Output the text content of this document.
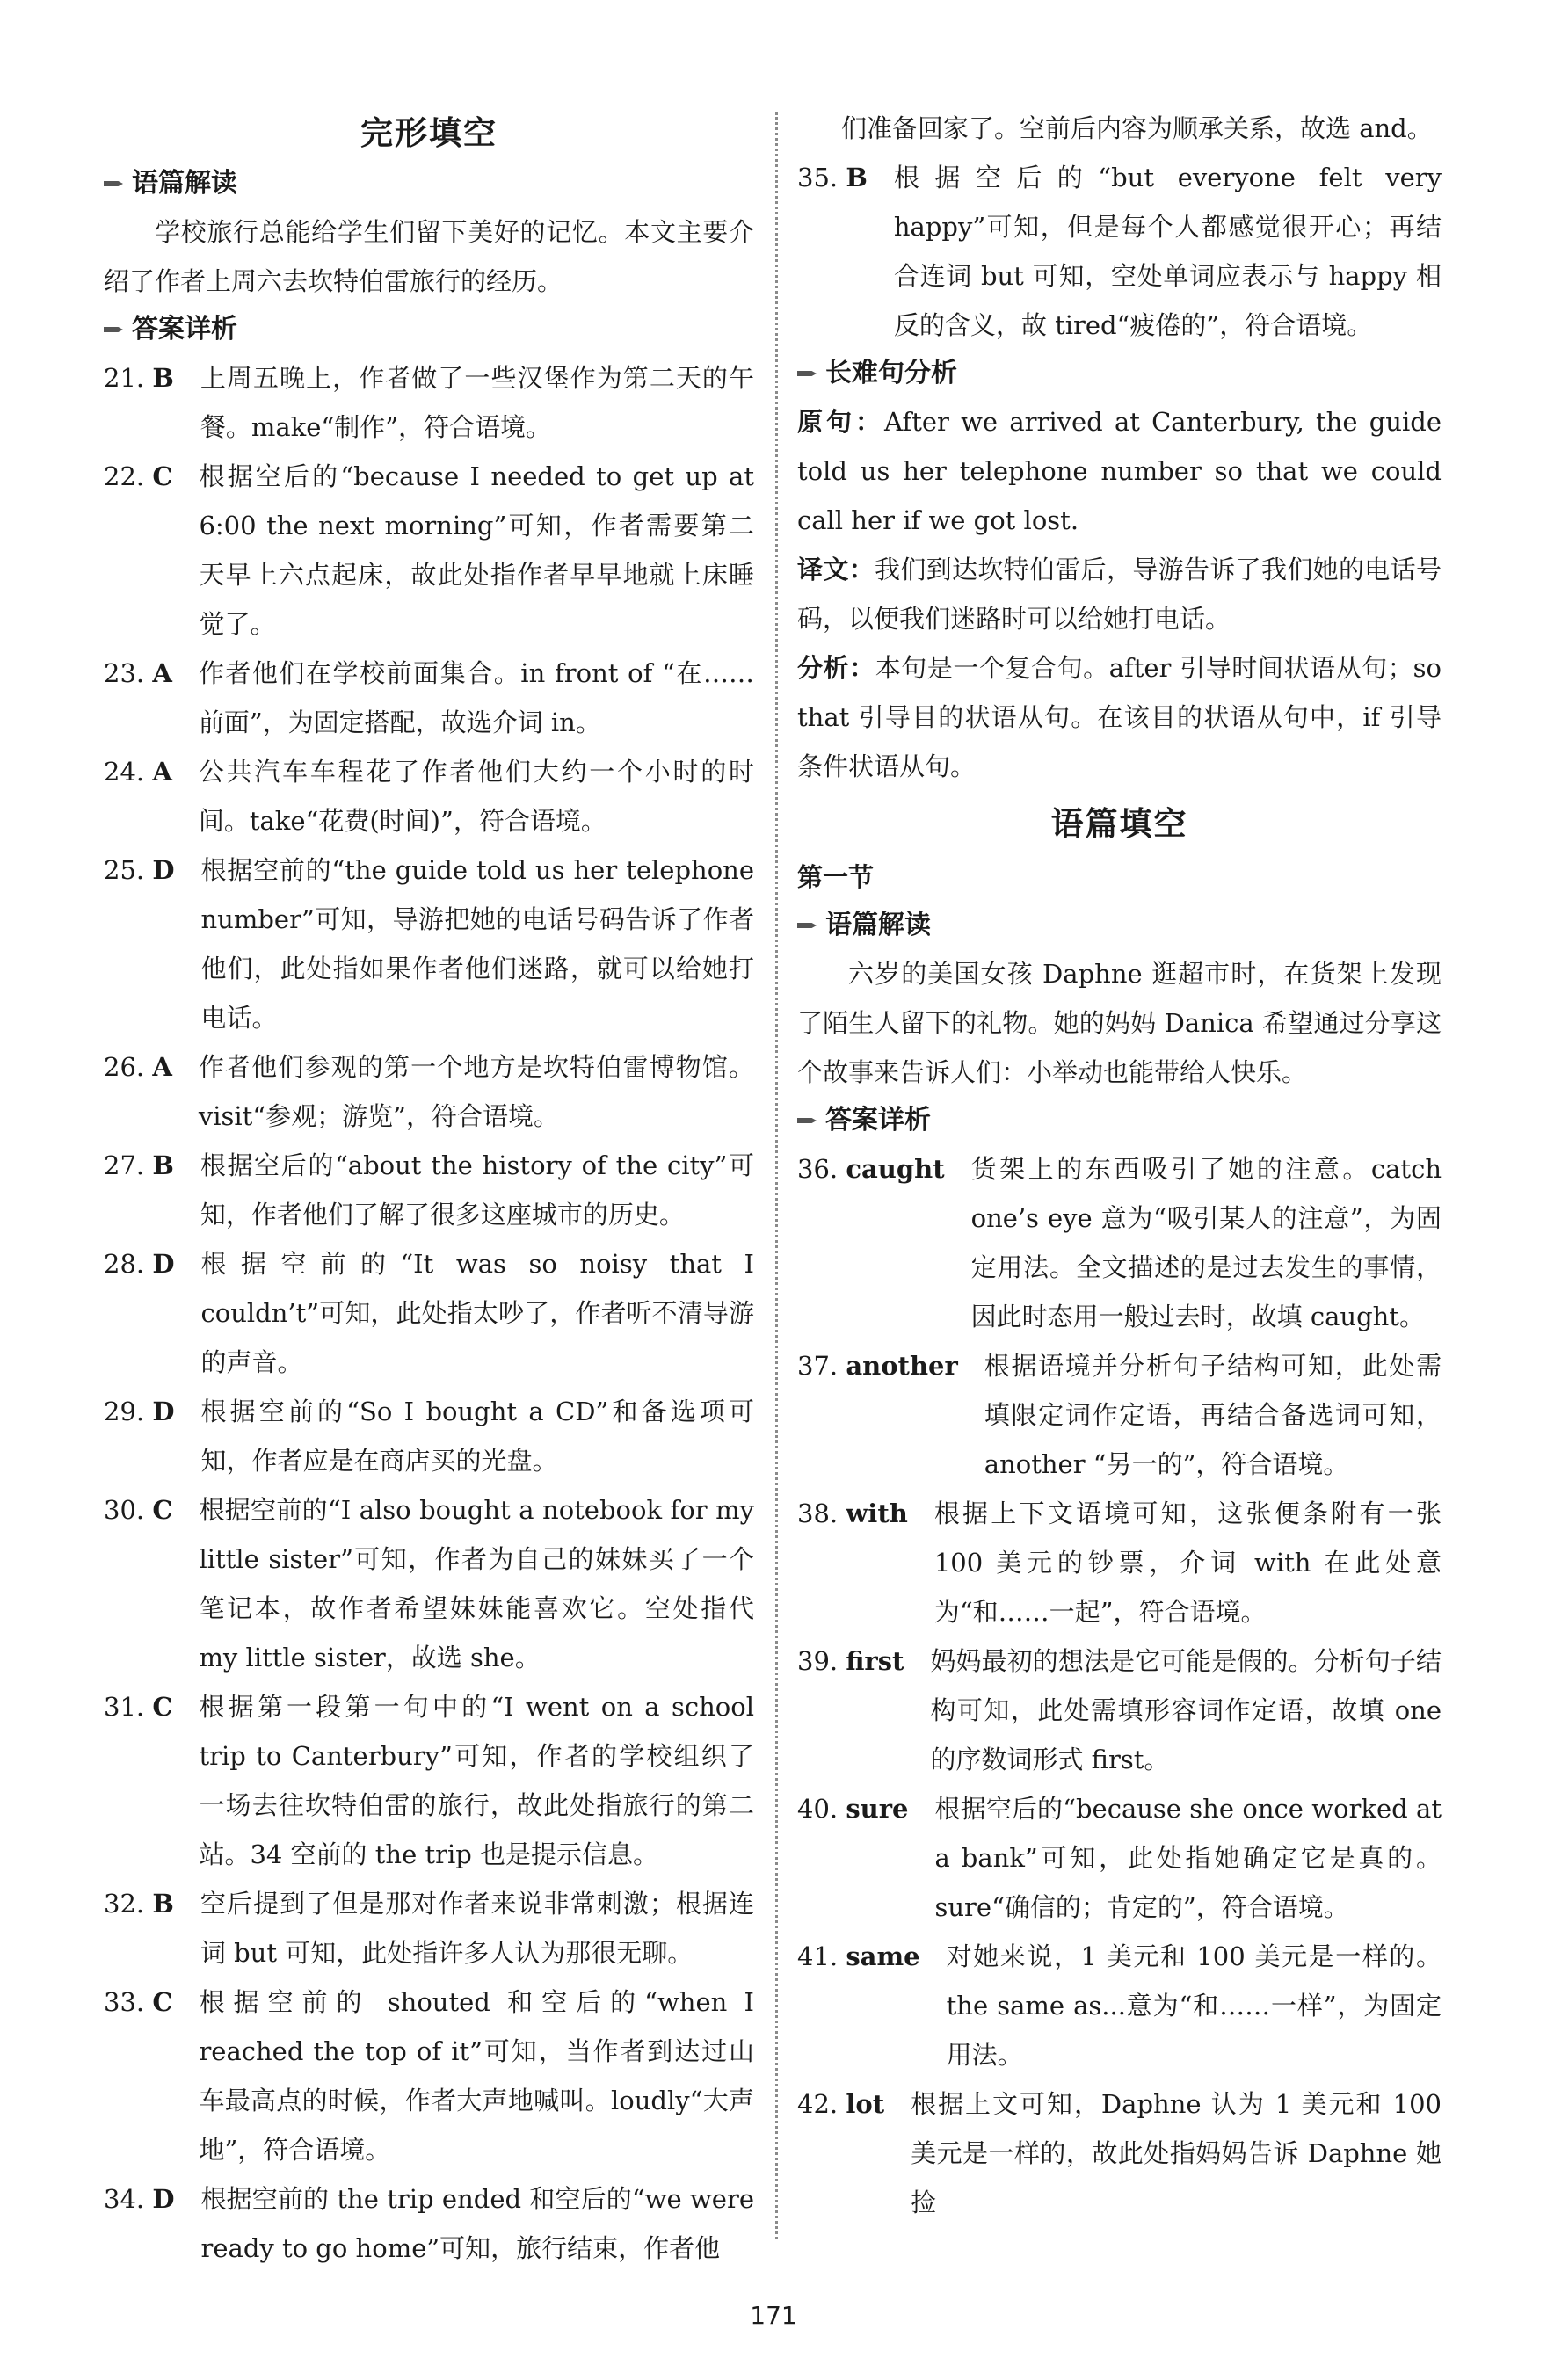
完形填空
语篇解读

学校旅行总能给学生们留下美好的记忆。本文主要介绍了作者上周六去坎特伯雷旅行的经历。

答案详析
21. B	上周五晚上，作者做了一些汉堡作为第二天的午餐。make“制作”，符合语境。
22. C	根据空后的“because I needed to get up at 6:00 the next morning”可知，作者需要第二天早上六点起床，故此处指作者早早地就上床睡觉了。
23. A	作者他们在学校前面集合。in front of “在……前面”，为固定搭配，故选介词 in。
24. A	公共汽车车程花了作者他们大约一个小时的时间。take“花费(时间)”，符合语境。
25. D	根据空前的“the guide told us her telephone number”可知，导游把她的电话号码告诉了作者他们，此处指如果作者他们迷路，就可以给她打电话。
26. A	作者他们参观的第一个地方是坎特伯雷博物馆。visit“参观；游览”，符合语境。
27. B	根据空后的“about the history of the city”可知，作者他们了解了很多这座城市的历史。
28. D	根据空前的“It was so noisy that I couldn’t”可知，此处指太吵了，作者听不清导游的声音。
29. D	根据空前的“So I bought a CD”和备选项可知，作者应是在商店买的光盘。
30. C	根据空前的“I also bought a notebook for my little sister”可知，作者为自己的妹妹买了一个笔记本，故作者希望妹妹能喜欢它。空处指代 my little sister，故选 she。
31. C	根据第一段第一句中的“I went on a school trip to Canterbury”可知，作者的学校组织了一场去往坎特伯雷的旅行，故此处指旅行的第二站。34 空前的 the trip 也是提示信息。
32. B	空后提到了但是那对作者来说非常刺激；根据连词 but 可知，此处指许多人认为那很无聊。
33. C	根据空前的 shouted 和空后的“when I reached the top of it”可知，当作者到达过山车最高点的时候，作者大声地喊叫。loudly“大声地”，符合语境。
34. D	根据空前的 the trip ended 和空后的“we were ready to go home”可知，旅行结束，作者他

们准备回家了。空前后内容为顺承关系，故选 and。

35. B	根据空后的“but everyone felt very happy”可知，但是每个人都感觉很开心；再结合连词 but 可知，空处单词应表示与 happy 相反的含义，故 tired“疲倦的”，符合语境。
长难句分析

原句：After we arrived at Canterbury, the guide told us her telephone number so that we could call her if we got lost.

译文：我们到达坎特伯雷后，导游告诉了我们她的电话号码，以便我们迷路时可以给她打电话。

分析：本句是一个复合句。after 引导时间状语从句；so that 引导目的状语从句。在该目的状语从句中，if 引导条件状语从句。

语篇填空

第一节

语篇解读

六岁的美国女孩 Daphne 逛超市时，在货架上发现了陌生人留下的礼物。她的妈妈 Danica 希望通过分享这个故事来告诉人们：小举动也能带给人快乐。

答案详析
36. caught	货架上的东西吸引了她的注意。catch one’s eye 意为“吸引某人的注意”，为固定用法。全文描述的是过去发生的事情，因此时态用一般过去时，故填 caught。
37. another	根据语境并分析句子结构可知，此处需填限定词作定语，再结合备选词可知，another “另一的”，符合语境。
38. with	根据上下文语境可知，这张便条附有一张 100 美元的钞票，介词 with 在此处意为“和……一起”，符合语境。
39. first	妈妈最初的想法是它可能是假的。分析句子结构可知，此处需填形容词作定语，故填 one 的序数词形式 first。
40. sure	根据空后的“because she once worked at a bank”可知，此处指她确定它是真的。sure“确信的；肯定的”，符合语境。
41. same	对她来说，1 美元和 100 美元是一样的。the same as...意为“和……一样”，为固定用法。
42. lot	根据上文可知，Daphne 认为 1 美元和 100 美元是一样的，故此处指妈妈告诉 Daphne 她捡
171
